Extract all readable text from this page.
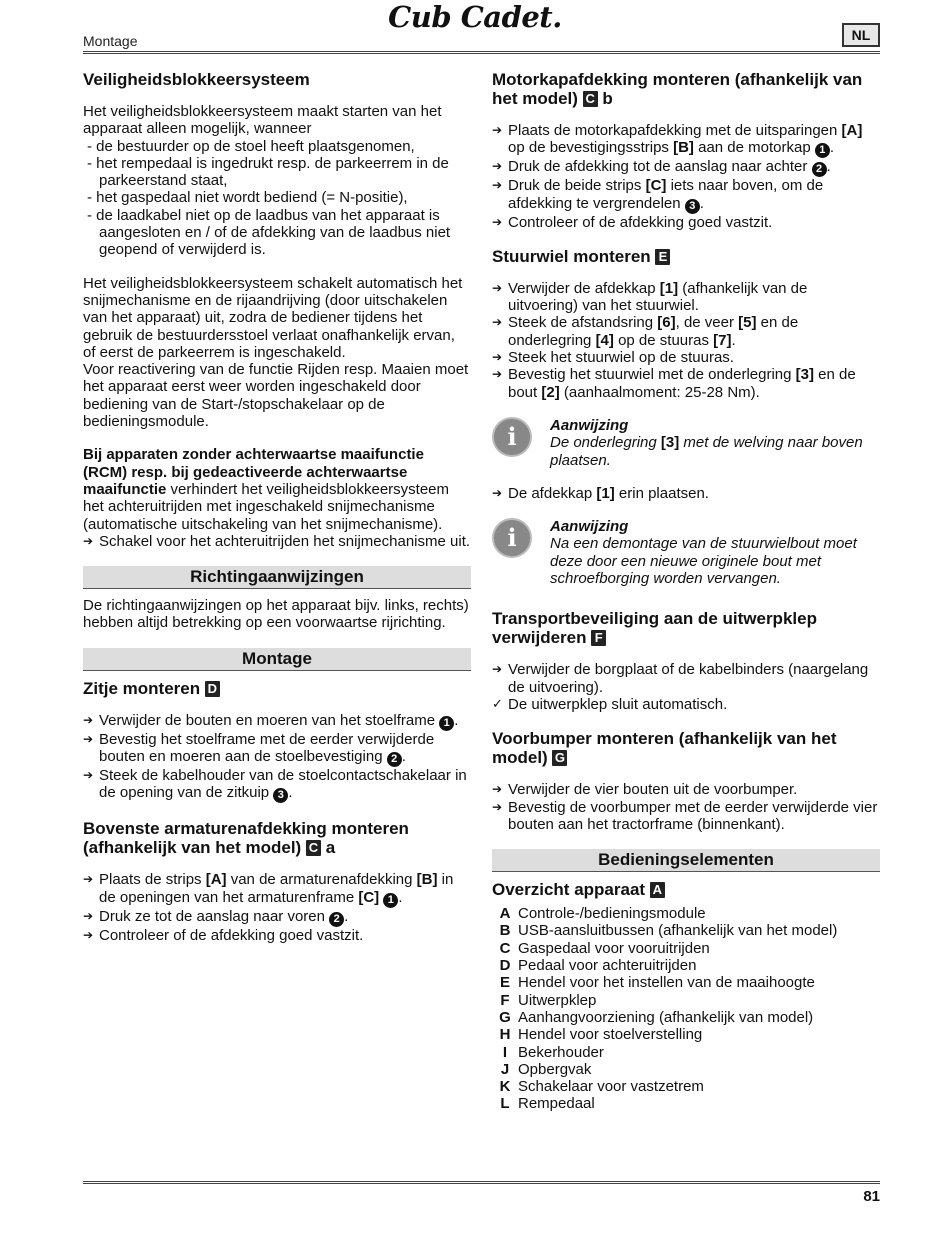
Cub Cadet.
Montage	NL
Veiligheidsblokkeersysteem

Het veiligheidsblokkeersysteem maakt starten van het apparaat alleen mogelijk, wanneer

- de bestuurder op de stoel heeft plaatsgenomen,

- het rempedaal is ingedrukt resp. de parkeerrem in de parkeerstand staat,

- het gaspedaal niet wordt bediend (= N-positie),

- de laadkabel niet op de laadbus van het apparaat is aangesloten en / of de afdekking van de laadbus niet geopend of verwijderd is.

Het veiligheidsblokkeersysteem schakelt automatisch het snijmechanisme en de rijaandrijving (door uitschakelen van het apparaat) uit, zodra de bediener tijdens het gebruik de bestuurdersstoel verlaat onafhankelijk ervan, of eerst de parkeerrem is ingeschakeld.

Voor reactivering van de functie Rijden resp. Maaien moet het apparaat eerst weer worden ingeschakeld door bediening van de Start-/stopschakelaar op de bedieningsmodule.

Bij apparaten zonder achterwaartse maaifunctie (RCM) resp. bij gedeactiveerde achterwaartse maaifunctie verhindert het veiligheidsblokkeersysteem het achteruitrijden met ingeschakeld snijmechanisme (automatische uitschakeling van het snijmechanisme).

➔ Schakel voor het achteruitrijden het snijmechanisme uit.

Richtingaanwijzingen

De richtingaanwijzingen op het apparaat bijv. links, rechts) hebben altijd betrekking op een voorwaartse rijrichting.

Montage
Zitje monteren D

➔ Verwijder de bouten en moeren van het stoelframe 1 .

➔ Bevestig het stoelframe met de eerder verwijderde bouten en moeren aan de stoelbevestiging 2 .

➔ Steek de kabelhouder van de stoelcontactschakelaar in de opening van de zitkuip 3 .

Bovenste armaturenafdekking monteren (afhankelijk van het model) C a

➔ Plaats de strips [A] van de armaturenafdekking [B] in de openingen van het armaturenframe [C] 1 .

➔ Druk ze tot de aanslag naar voren 2 .

➔ Controleer of de afdekking goed vastzit.

Motorkapafdekking monteren (afhankelijk van het model) C b

➔ Plaats de motorkapafdekking met de uitsparingen [A] op de bevestigingsstrips [B] aan de motorkap 1 .

➔ Druk de afdekking tot de aanslag naar achter 2 .

➔ Druk de beide strips [C] iets naar boven, om de afdekking te vergrendelen 3 .

➔ Controleer of de afdekking goed vastzit.

Stuurwiel monteren E

➔ Verwijder de afdekkap [1] (afhankelijk van de uitvoering) van het stuurwiel.

➔ Steek de afstandsring [6], de veer [5] en de onderlegring [4] op de stuuras [7].

➔ Steek het stuurwiel op de stuuras.

➔ Bevestig het stuurwiel met de onderlegring [3] en de bout [2] (aanhaalmoment: 25-28 Nm).

i	Aanwijzing

De onderlegring [3] met de welving naar boven plaatsen.

➔ De afdekkap [1] erin plaatsen.

i	Aanwijzing

Na een demontage van de stuurwielbout moet deze door een nieuwe originele bout met schroefborging worden vervangen.

Transportbeveiliging aan de uitwerpklep verwijderen F

➔ Verwijder de borgplaat of de kabelbinders (naargelang de uitvoering).

✓ De uitwerpklep sluit automatisch.

Voorbumper monteren (afhankelijk van het model) G

➔ Verwijder de vier bouten uit de voorbumper.

➔ Bevestig de voorbumper met de eerder verwijderde vier bouten aan het tractorframe (binnenkant).

Bedieningselementen
Overzicht apparaat A
A Controle-/bedieningsmodule
B USB-aansluitbussen (afhankelijk van het model)
C Gaspedaal voor vooruitrijden
D Pedaal voor achteruitrijden
E Hendel voor het instellen van de maaihoogte
F Uitwerpklep
G Aanhangvoorziening (afhankelijk van model)
H Hendel voor stoelverstelling
I Bekerhouder
J Opbergvak
K Schakelaar voor vastzetrem
L Rempedaal
81
